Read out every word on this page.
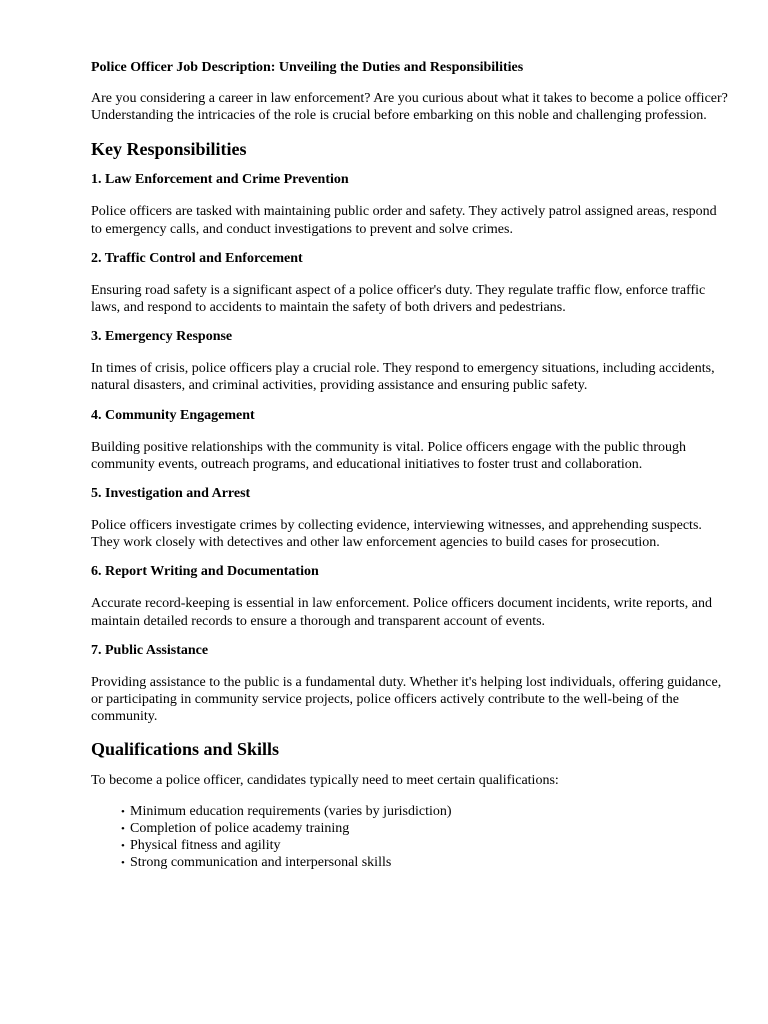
Police Officer Job Description: Unveiling the Duties and Responsibilities

Are you considering a career in law enforcement? Are you curious about what it takes to become a police officer? Understanding the intricacies of the role is crucial before embarking on this noble and challenging profession.

Key Responsibilities
1. Law Enforcement and Crime Prevention

Police officers are tasked with maintaining public order and safety. They actively patrol assigned areas, respond to emergency calls, and conduct investigations to prevent and solve crimes.

2. Traffic Control and Enforcement

Ensuring road safety is a significant aspect of a police officer's duty. They regulate traffic flow, enforce traffic laws, and respond to accidents to maintain the safety of both drivers and pedestrians.

3. Emergency Response

In times of crisis, police officers play a crucial role. They respond to emergency situations, including accidents, natural disasters, and criminal activities, providing assistance and ensuring public safety.

4. Community Engagement

Building positive relationships with the community is vital. Police officers engage with the public through community events, outreach programs, and educational initiatives to foster trust and collaboration.

5. Investigation and Arrest

Police officers investigate crimes by collecting evidence, interviewing witnesses, and apprehending suspects. They work closely with detectives and other law enforcement agencies to build cases for prosecution.

6. Report Writing and Documentation

Accurate record-keeping is essential in law enforcement. Police officers document incidents, write reports, and maintain detailed records to ensure a thorough and transparent account of events.

7. Public Assistance

Providing assistance to the public is a fundamental duty. Whether it's helping lost individuals, offering guidance, or participating in community service projects, police officers actively contribute to the well-being of the community.

Qualifications and Skills

To become a police officer, candidates typically need to meet certain qualifications:

• Minimum education requirements (varies by jurisdiction)
• Completion of police academy training
• Physical fitness and agility
• Strong communication and interpersonal skills
